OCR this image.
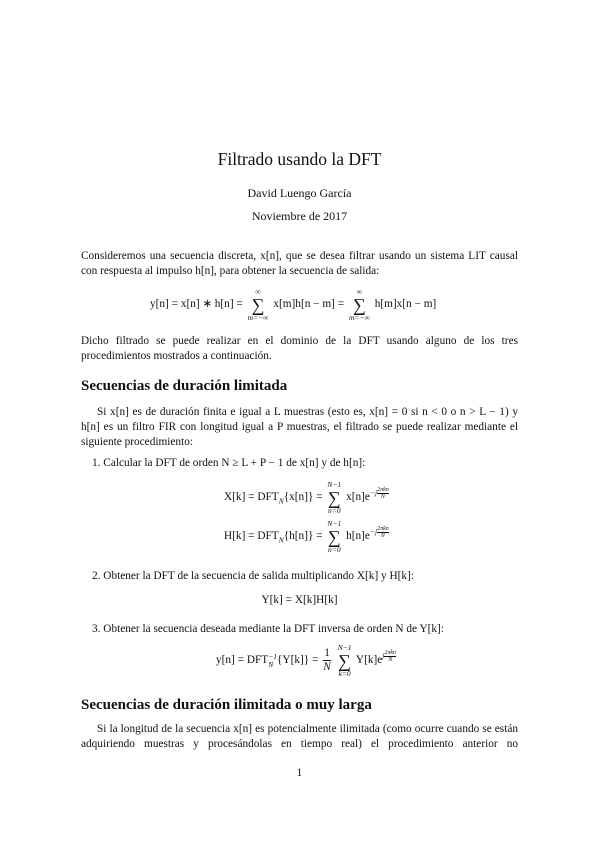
Filtrado usando la DFT
David Luengo García
Noviembre de 2017

Consideremos una secuencia discreta, x[n], que se desea filtrar usando un sistema LIT causal con respuesta al impulso h[n], para obtener la secuencia de salida:

y[n] = x[n] ∗ h[n] =
∞
∑
m=−∞
x[m]h[n − m] =
∞
∑
m=−∞
h[m]x[n − m]

Dicho filtrado se puede realizar en el dominio de la DFT usando alguno de los tres procedimientos mostrados a continuación.

Secuencias de duración limitada

Si x[n] es de duración finita e igual a L muestras (esto es, x[n] = 0 si n < 0 o n > L − 1) y h[n] es un filtro FIR con longitud igual a P muestras, el filtrado se puede realizar mediante el siguiente procedimiento:

1. Calcular la DFT de orden N ≥ L + P − 1 de x[n] y de h[n]:
$X[k] = DFT_N\{x[n]\}$ =
N−1
∑
n=0
$x[n]e^{-j 2\pi kn N}$
$H[k] = DFT_N\{h[n]\}$ =
N−1
∑
n=0
$h[n]e^{-j 2\pi kn N}$
2. Obtener la DFT de la secuencia de salida multiplicando X[k] y H[k]:
Y[k] = X[k]H[k]
3. Obtener la secuencia deseada mediante la DFT inversa de orden N de Y[k]:
y[n] = DFT −1
N $\{Y[k]\} = \frac{1}{N}$

N−1
∑
k=0
$Y[k]e^{j 2\pi kn N}$
Secuencias de duración ilimitada o muy larga

Si la longitud de la secuencia x[n] es potencialmente ilimitada (como ocurre cuando se están adquiriendo muestras y procesándolas en tiempo real) el procedimiento anterior no

1
